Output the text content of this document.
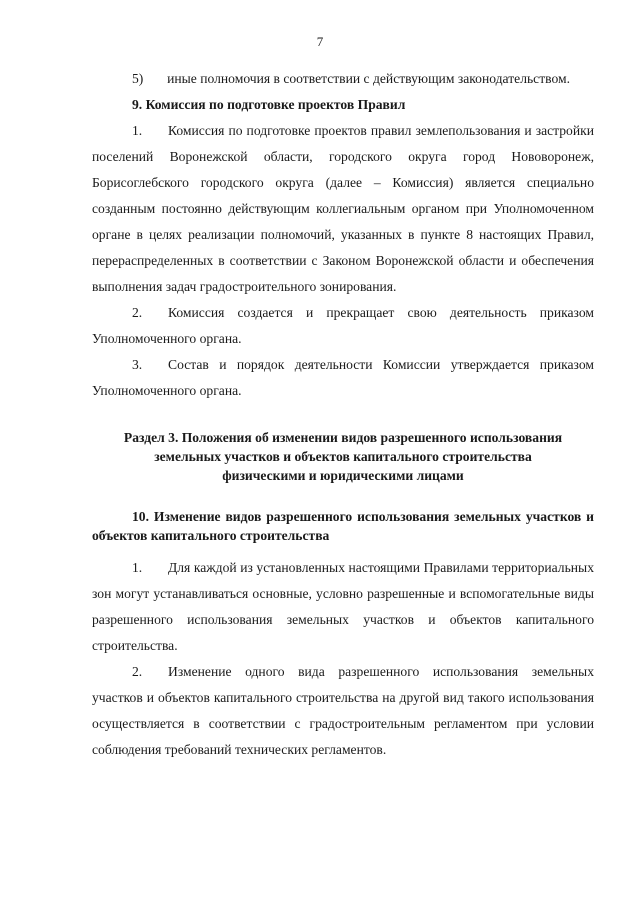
7

5)       иные полномочия в соответствии с действующим законодательством.

9. Комиссия по подготовке проектов Правил

1. Комиссия по подготовке проектов правил землепользования и застройки поселений Воронежской области, городского округа город Нововоронеж, Борисоглебского городского округа (далее – Комиссия) является специально созданным постоянно действующим коллегиальным органом при Уполномоченном органе в целях реализации полномочий, указанных в пункте 8 настоящих Правил, перераспределенных в соответствии с Законом Воронежской области и обеспечения выполнения задач градостроительного зонирования.

2. Комиссия создается и прекращает свою деятельность приказом Уполномоченного органа.

3. Состав и порядок деятельности Комиссии утверждается приказом Уполномоченного органа.

Раздел 3. Положения об изменении видов разрешенного использования
земельных участков и объектов капитального строительства
физическими и юридическими лицами

10. Изменение видов разрешенного использования земельных участков и объектов капитального строительства

1. Для каждой из установленных настоящими Правилами территориальных зон могут устанавливаться основные, условно разрешенные и вспомогательные виды разрешенного использования земельных участков и объектов капитального строительства.

2. Изменение одного вида разрешенного использования земельных участков и объектов капитального строительства на другой вид такого использования осуществляется в соответствии с градостроительным регламентом при условии соблюдения требований технических регламентов.
